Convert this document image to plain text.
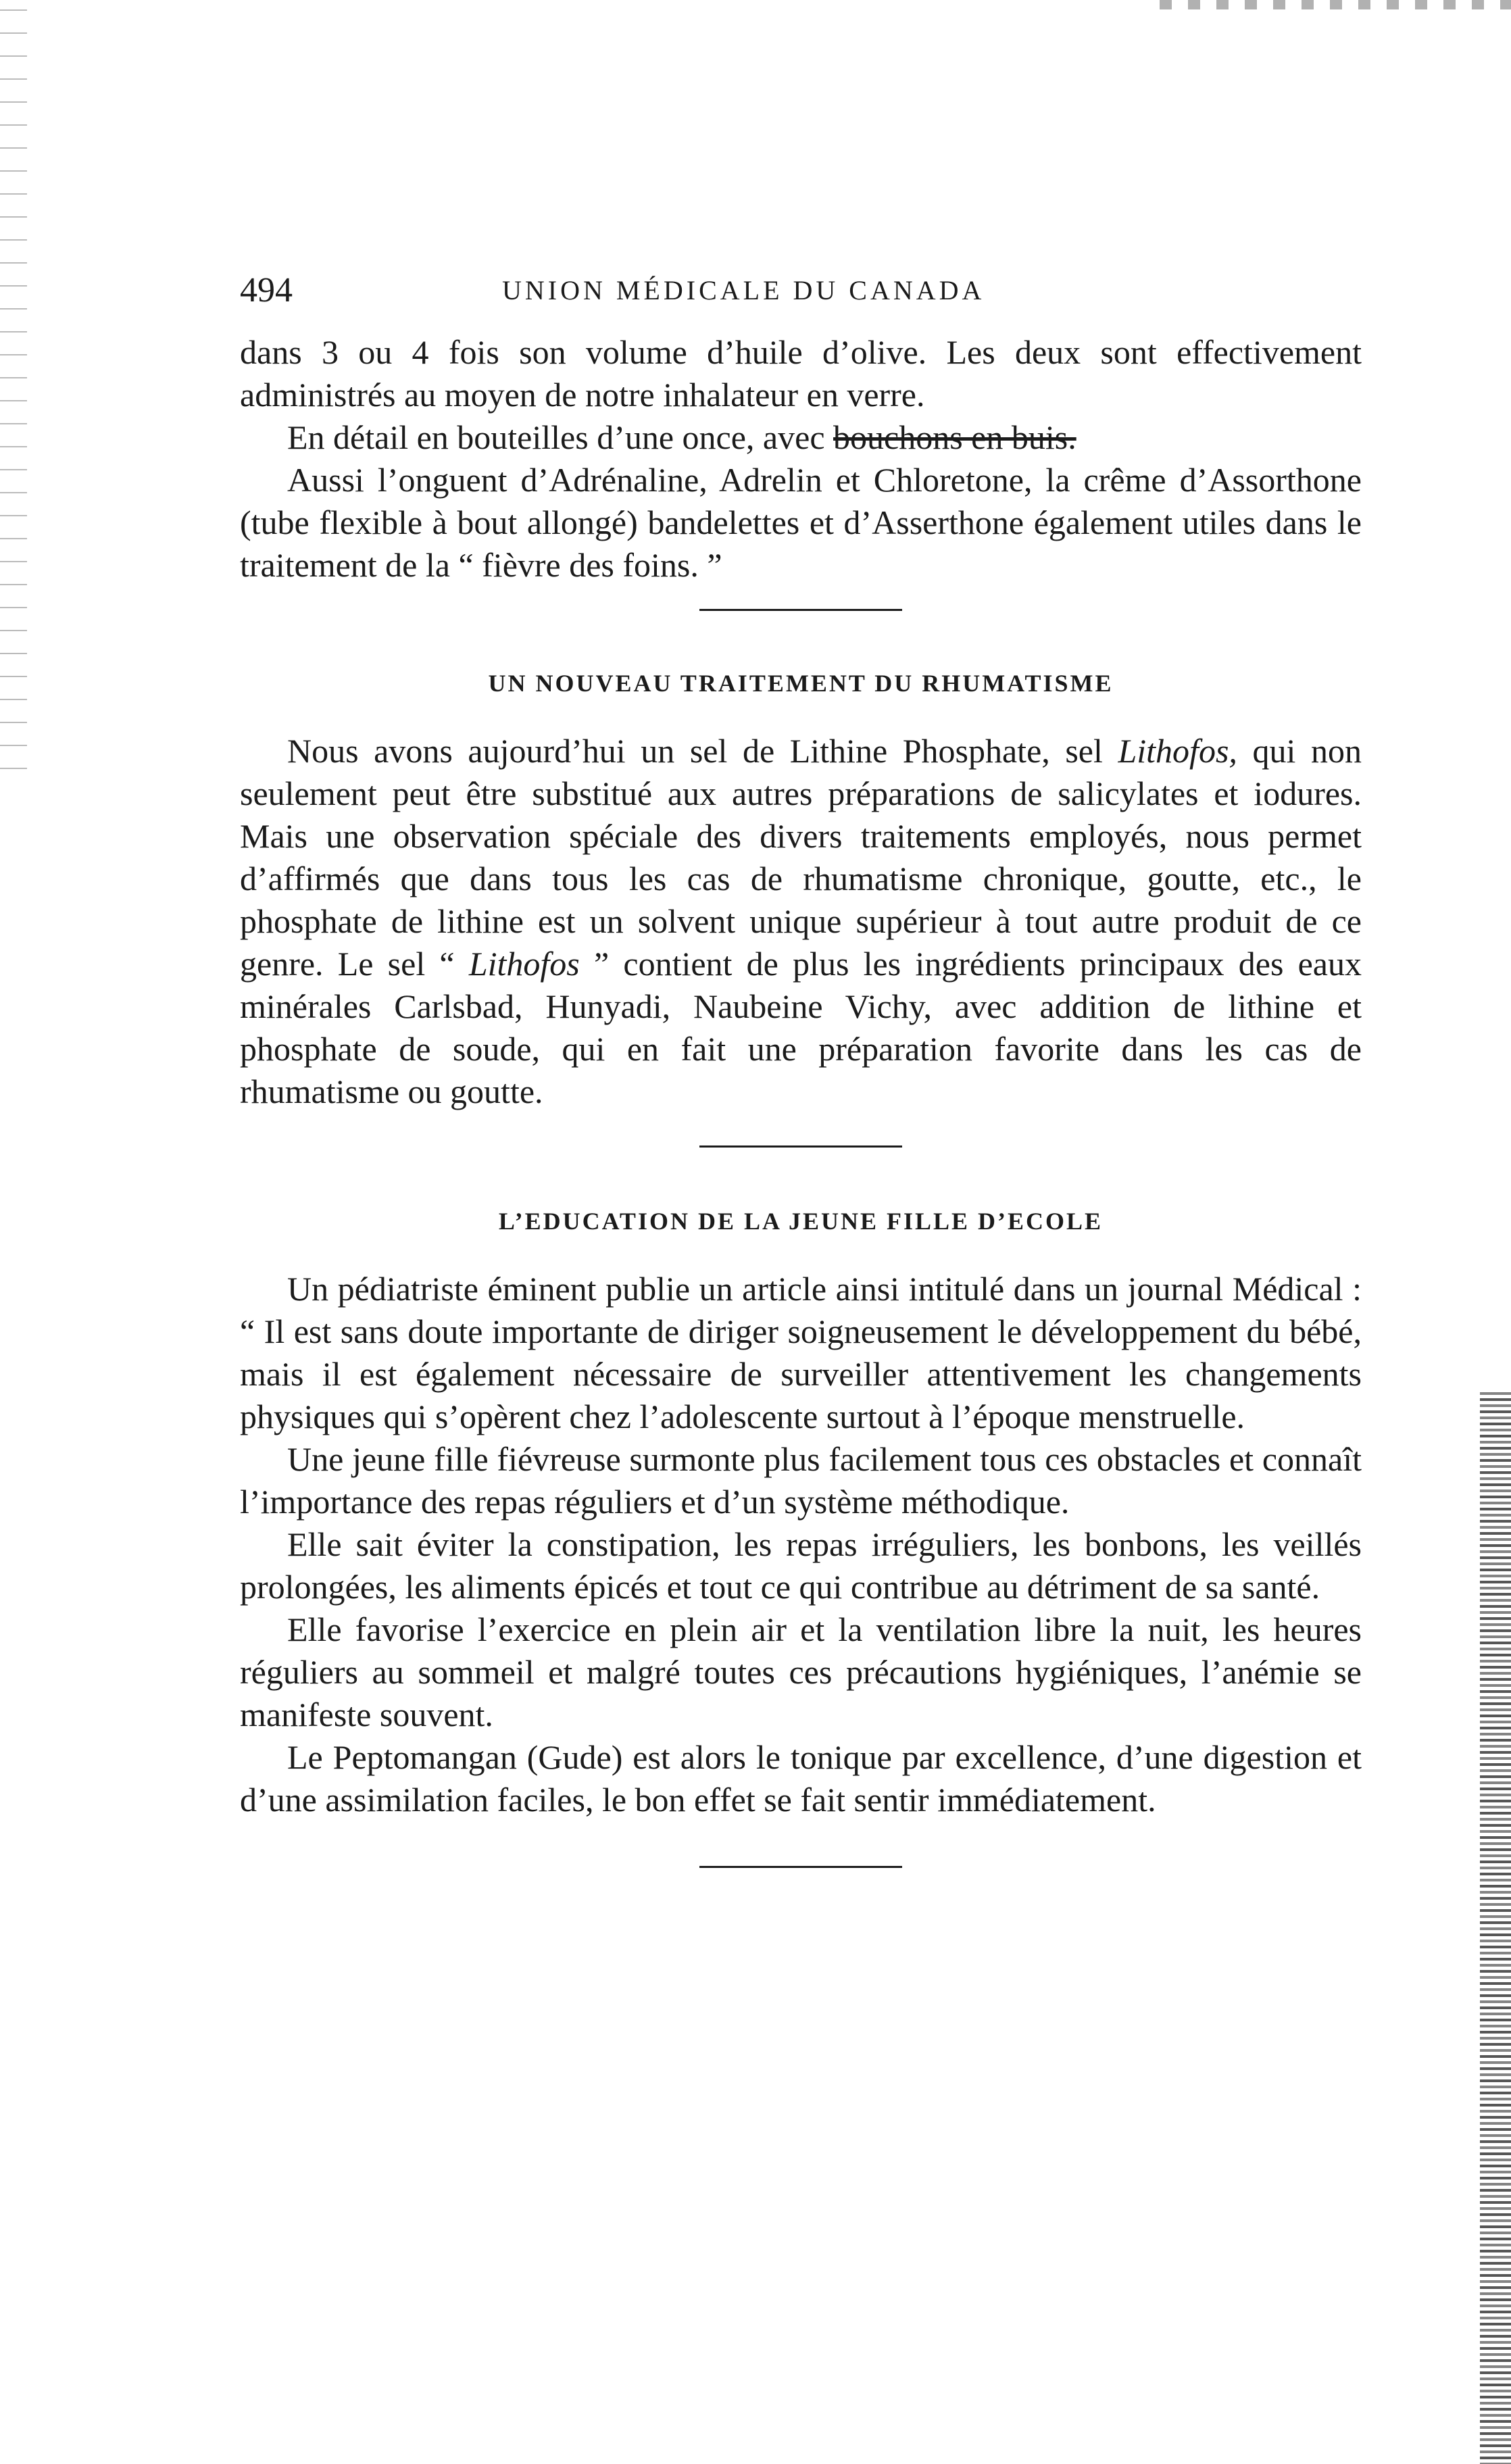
494	UNION MÉDICALE DU CANADA

dans 3 ou 4 fois son volume d’huile d’olive. Les deux sont effectivement administrés au moyen de notre inhalateur en verre.

En détail en bouteilles d’une once, avec bouchons en buis.

Aussi l’onguent d’Adrénaline, Adrelin et Chloretone, la crême d’Assorthone (tube flexible à bout allongé) bandelettes et d’Asserthone également utiles dans le traitement de la “ fièvre des foins. ”

UN NOUVEAU TRAITEMENT DU RHUMATISME

Nous avons aujourd’hui un sel de Lithine Phosphate, sel Lithofos, qui non seulement peut être substitué aux autres préparations de salicylates et iodures. Mais une observation spéciale des divers traitements employés, nous permet d’affirmés que dans tous les cas de rhumatisme chronique, goutte, etc., le phosphate de lithine est un solvent unique supérieur à tout autre produit de ce genre. Le sel “ Lithofos ” contient de plus les ingrédients principaux des eaux minérales Carlsbad, Hunyadi, Naubeine Vichy, avec addition de lithine et phosphate de soude, qui en fait une préparation favorite dans les cas de rhumatisme ou goutte.

L’EDUCATION DE LA JEUNE FILLE D’ECOLE

Un pédiatriste éminent publie un article ainsi intitulé dans un journal Médical : “ Il est sans doute importante de diriger soigneusement le développement du bébé, mais il est également nécessaire de surveiller attentivement les changements physiques qui s’opèrent chez l’adolescente surtout à l’époque menstruelle.

Une jeune fille fiévreuse surmonte plus facilement tous ces obstacles et connaît l’importance des repas réguliers et d’un système méthodique.

Elle sait éviter la constipation, les repas irréguliers, les bonbons, les veillés prolongées, les aliments épicés et tout ce qui contribue au détriment de sa santé.

Elle favorise l’exercice en plein air et la ventilation libre la nuit, les heures réguliers au sommeil et malgré toutes ces précautions hygiéniques, l’anémie se manifeste souvent.

Le Peptomangan (Gude) est alors le tonique par excellence, d’une digestion et d’une assimilation faciles, le bon effet se fait sentir immédiatement.
